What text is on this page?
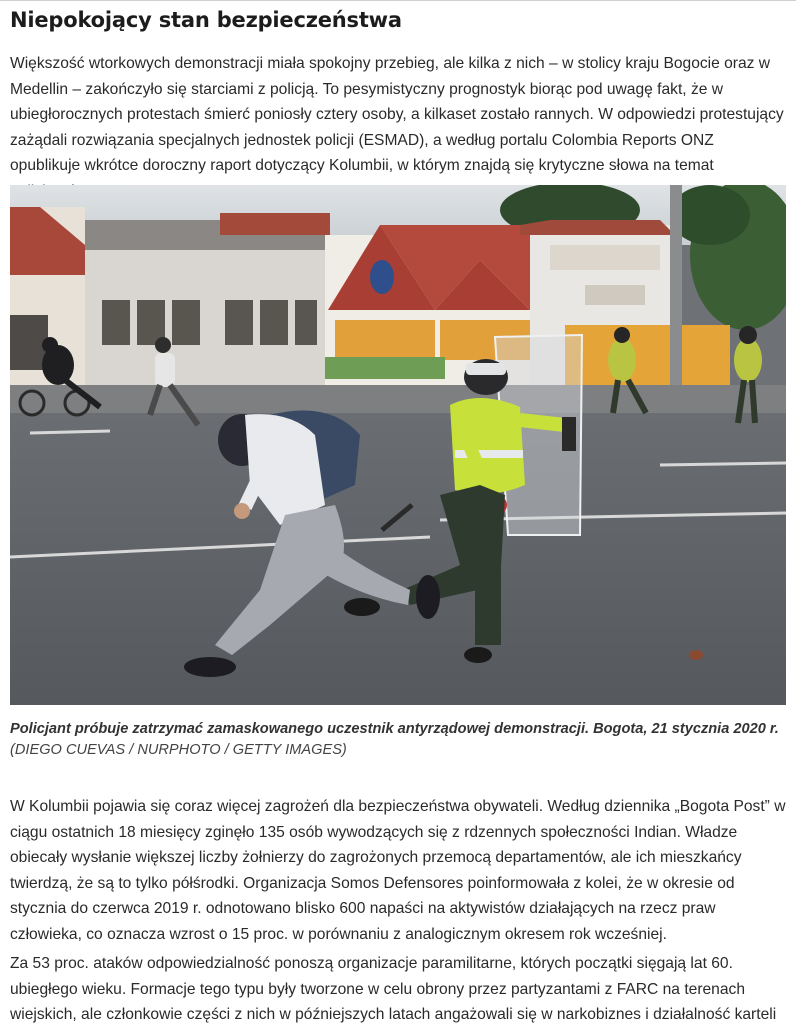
Niepokojący stan bezpieczeństwa

Większość wtorkowych demonstracji miała spokojny przebieg, ale kilka z nich – w stolicy kraju Bogocie oraz w Medellin – zakończyło się starciami z policją. To pesymistyczny prognostyk biorąc pod uwagę fakt, że w ubiegłorocznych protestach śmierć poniosły cztery osoby, a kilkaset zostało rannych. W odpowiedzi protestujący zażądali rozwiązania specjalnych jednostek policji (ESMAD), a według portalu Colombia Reports ONZ opublikuje wkrótce doroczny raport dotyczący Kolumbii, w którym znajdą się krytyczne słowa na temat

Policjant próbuje zatrzymać zamaskowanego uczestnik antyrządowej demonstracji. Bogota, 21 stycznia 2020 r.
(DIEGO CUEVAS / NURPHOTO / GETTY IMAGES)

W Kolumbii pojawia się coraz więcej zagrożeń dla bezpieczeństwa obywateli. Według dziennika „Bogota Post” w ciągu ostatnich 18 miesięcy zginęło 135 osób wywodzących się z rdzennych społeczności Indian. Władze obiecały wysłanie większej liczby żołnierzy do zagrożonych przemocą departamentów, ale ich mieszkańcy twierdzą, że są to tylko półśrodki. Organizacja Somos Defensores poinformowała z kolei, że w okresie od stycznia do czerwca 2019 r. odnotowano blisko 600 napaści na aktywistów działających na rzecz praw człowieka, co oznacza wzrost o 15 proc. w porównaniu z analogicznym okresem rok wcześniej.

Za 53 proc. ataków odpowiedzialność ponoszą organizacje paramilitarne, których początki sięgają lat 60. ubiegłego wieku. Formacje tego typu były tworzone w celu obrony przez partyzantami z FARC na terenach wiejskich, ale członkowie części z nich w późniejszych latach angażowali się w narkobiznes i działalność karteli
